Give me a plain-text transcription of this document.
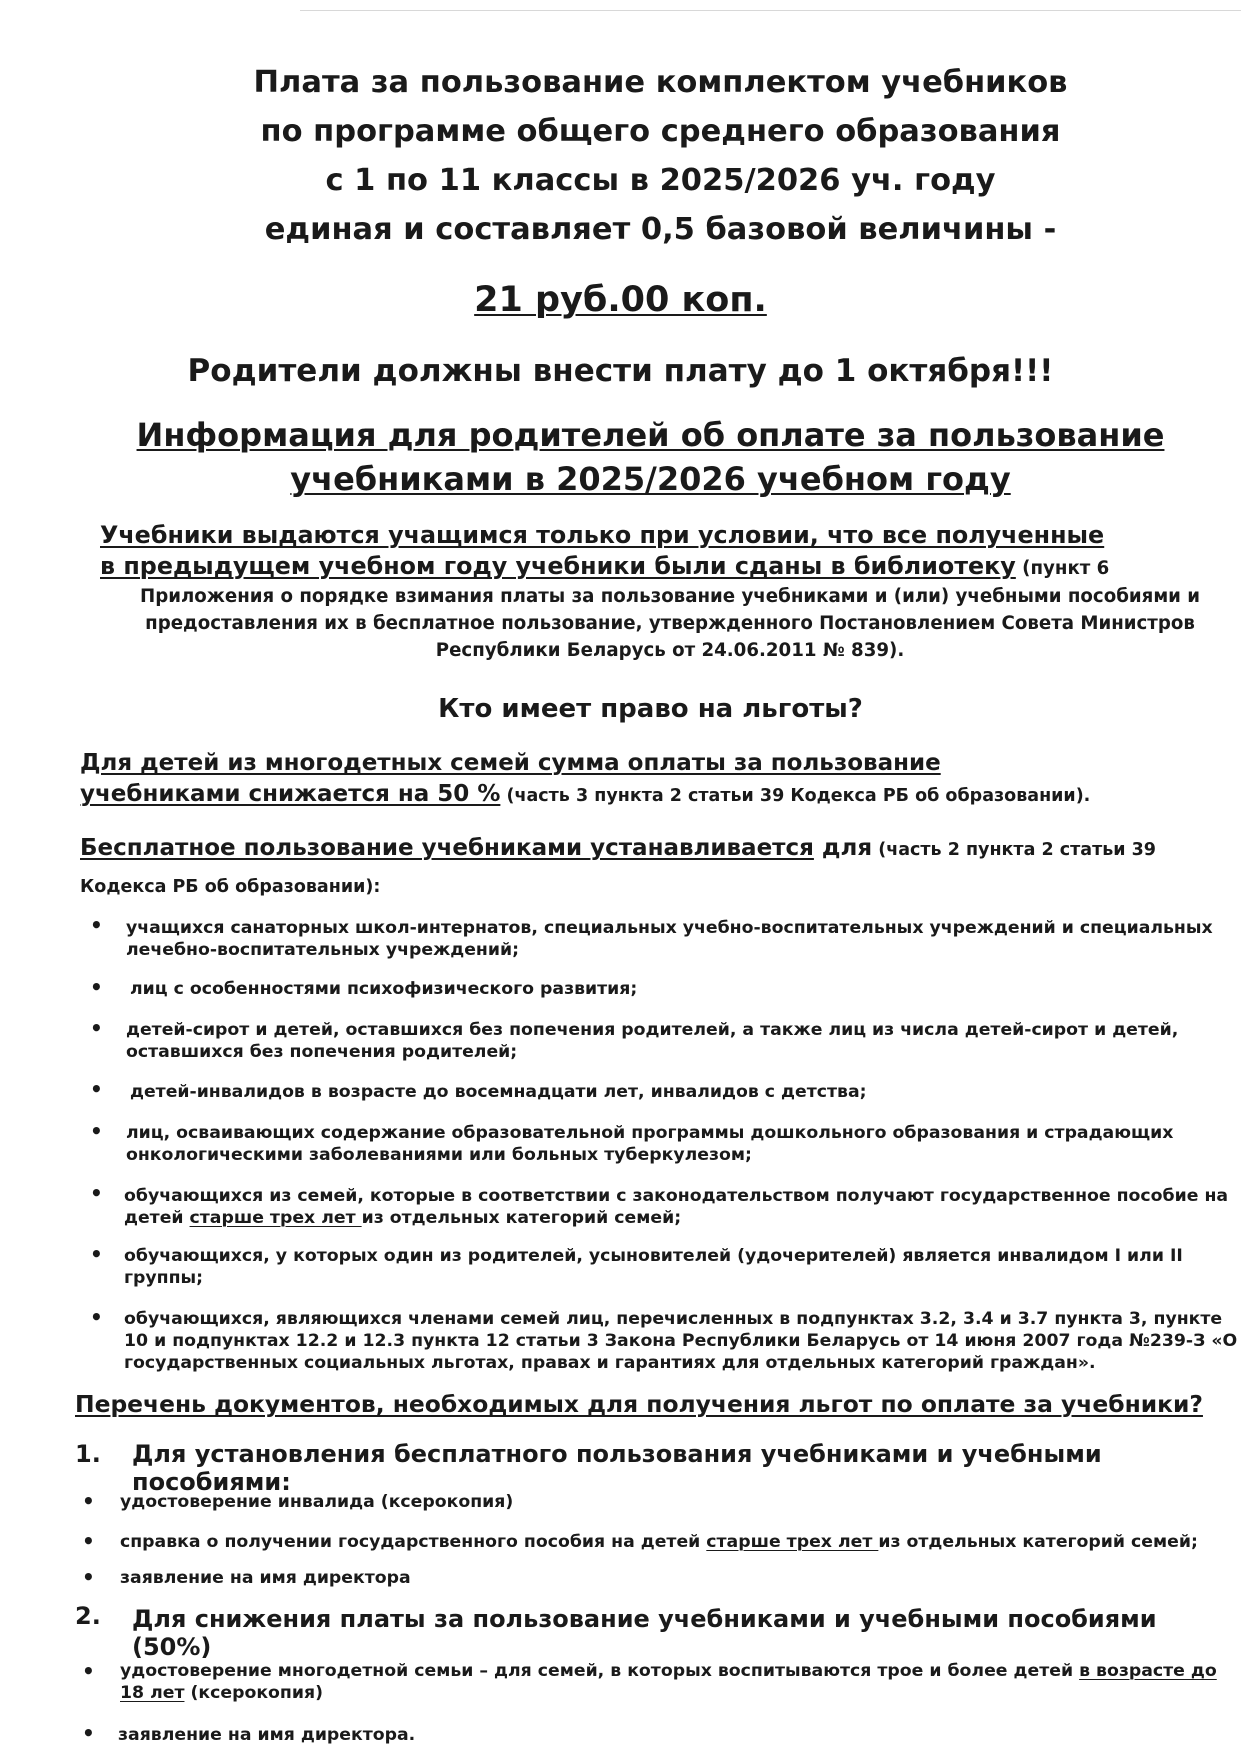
Плата за пользование комплектом учебников
по программе общего среднего образования
с 1 по 11 классы в 2025/2026 уч. году
единая и составляет 0,5 базовой величины -
21 руб.00 коп.
Родители должны внести плату до 1 октября!!!
Информация для родителей об оплате за пользование
учебниками в 2025/2026 учебном году
Учебники выдаются учащимся только при условии, что все полученные
в предыдущем учебном году учебники были сданы в библиотеку (пункт 6
Приложения о порядке взимания платы за пользование учебниками и (или) учебными пособиями и предоставления их в бесплатное пользование, утвержденного Постановлением Совета Министров Республики Беларусь от 24.06.2011 № 839).
Кто имеет право на льготы?
Для детей из многодетных семей сумма оплаты за пользование
учебниками снижается на 50 % (часть 3 пункта 2 статьи 39 Кодекса РБ об образовании).
Бесплатное пользование учебниками устанавливается для (часть 2 пункта 2 статьи 39 Кодекса РБ об образовании):
• учащихся санаторных школ-интернатов, специальных учебно-воспитательных учреждений и специальных лечебно-воспитательных учреждений;
• лиц с особенностями психофизического развития;
• детей-сирот и детей, оставшихся без попечения родителей, а также лиц из числа детей-сирот и детей, оставшихся без попечения родителей;
• детей-инвалидов в возрасте до восемнадцати лет, инвалидов с детства;
• лиц, осваивающих содержание образовательной программы дошкольного образования и страдающих онкологическими заболеваниями или больных туберкулезом;
• обучающихся из семей, которые в соответствии с законодательством получают государственное пособие на
детей старше трех лет из отдельных категорий семей;
• обучающихся, у которых один из родителей, усыновителей (удочерителей) является инвалидом I или II группы;
• обучающихся, являющихся членами семей лиц, перечисленных в подпунктах 3.2, 3.4 и 3.7 пункта 3, пункте 10 и подпунктах 12.2 и 12.3 пункта 12 статьи 3 Закона Республики Беларусь от 14 июня 2007 года №239-З «О государственных социальных льготах, правах и гарантиях для отдельных категорий граждан».
Перечень документов, необходимых для получения льгот по оплате за учебники?
1. Для установления бесплатного пользования учебниками и учебными пособиями:
• удостоверение инвалида (ксерокопия)
• справка о получении государственного пособия на детей старше трех лет из отдельных категорий семей;
• заявление на имя директора
2. Для снижения платы за пользование учебниками и учебными пособиями (50%)
• удостоверение многодетной семьи – для семей, в которых воспитываются трое и более детей в возрасте до 18 лет (ксерокопия)
• заявление на имя директора.
